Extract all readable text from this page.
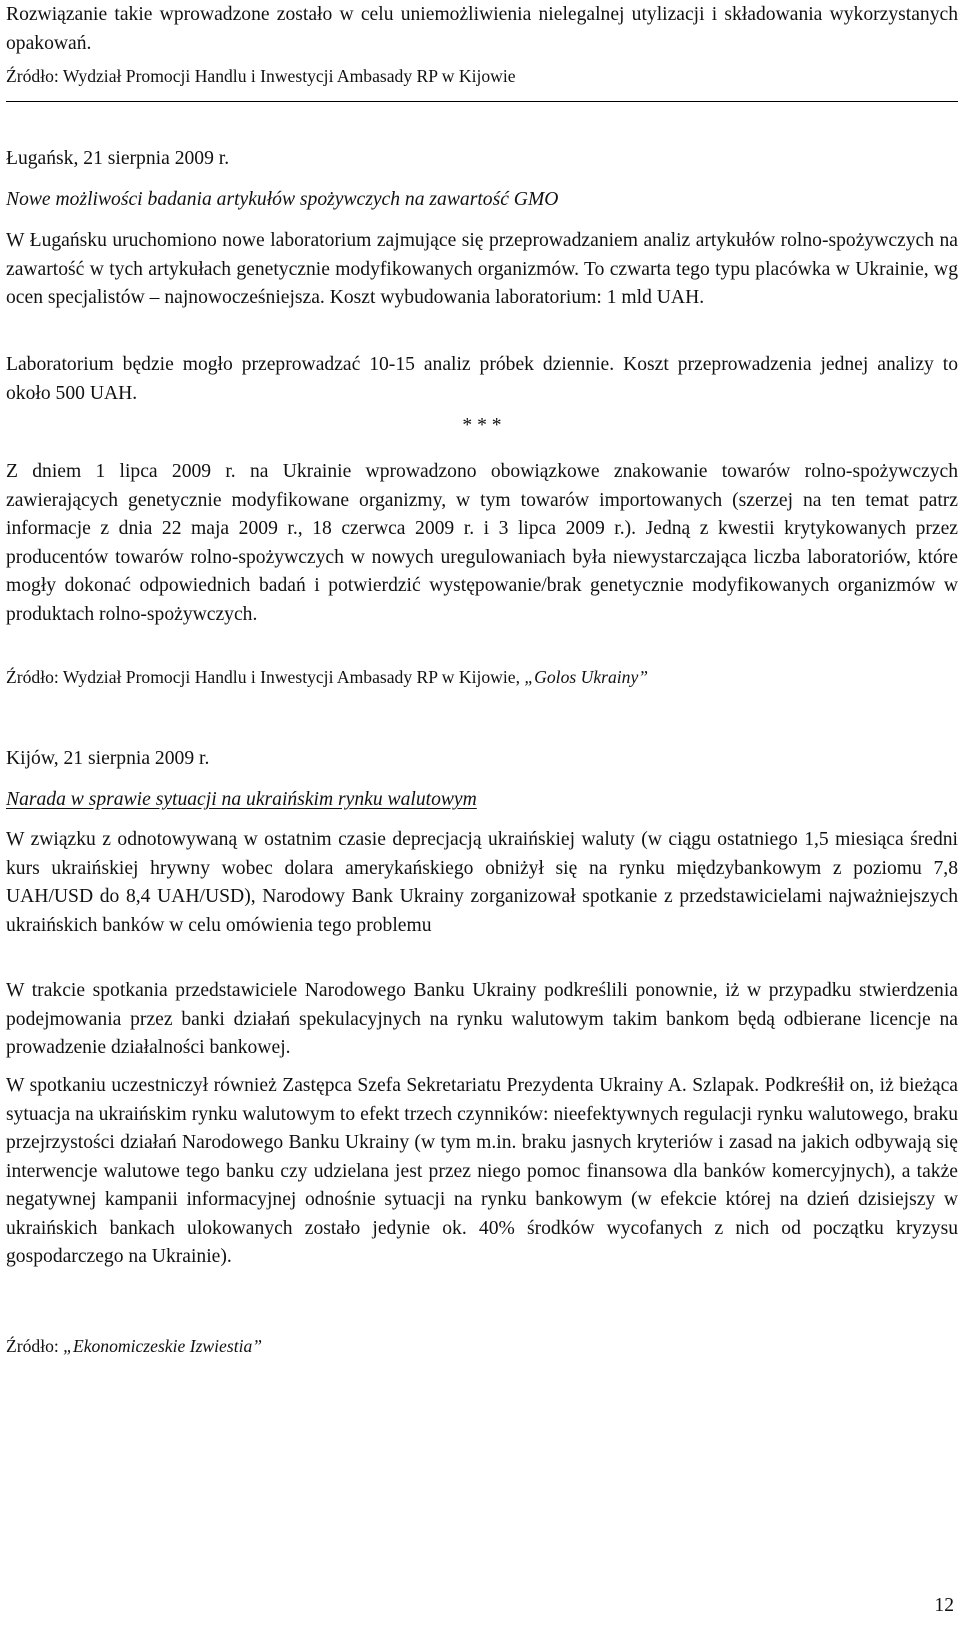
Rozwiązanie takie wprowadzone zostało w celu uniemożliwienia nielegalnej utylizacji i składowania wykorzystanych opakowań.

Źródło: Wydział Promocji Handlu i Inwestycji Ambasady RP w Kijowie

Ługańsk, 21 sierpnia 2009 r.

Nowe możliwości badania artykułów spożywczych na zawartość GMO

W Ługańsku uruchomiono nowe laboratorium zajmujące się przeprowadzaniem analiz artykułów rolno-spożywczych na zawartość w tych artykułach genetycznie modyfikowanych organizmów. To czwarta tego typu placówka w Ukrainie, wg ocen specjalistów – najnowocześniejsza. Koszt wybudowania laboratorium: 1 mld UAH.

Laboratorium będzie mogło przeprowadzać 10-15 analiz próbek dziennie. Koszt przeprowadzenia jednej analizy to około 500 UAH.

* * *

Z dniem 1 lipca 2009 r. na Ukrainie wprowadzono obowiązkowe znakowanie towarów rolno-spożywczych zawierających genetycznie modyfikowane organizmy, w tym towarów importowanych (szerzej na ten temat patrz informacje z dnia 22 maja 2009 r., 18 czerwca 2009 r. i 3 lipca 2009 r.). Jedną z kwestii krytykowanych przez producentów towarów rolno-spożywczych w nowych uregulowaniach była niewystarczająca liczba laboratoriów, które mogły dokonać odpowiednich badań i potwierdzić występowanie/brak genetycznie modyfikowanych organizmów w produktach rolno-spożywczych.

Źródło: Wydział Promocji Handlu i Inwestycji Ambasady RP w Kijowie, „Golos Ukrainy”

Kijów, 21 sierpnia 2009 r.

Narada w sprawie sytuacji na ukraińskim rynku walutowym

W związku z odnotowywaną w ostatnim czasie deprecjacją ukraińskiej waluty (w ciągu ostatniego 1,5 miesiąca średni kurs ukraińskiej hrywny wobec dolara amerykańskiego obniżył się na rynku międzybankowym z poziomu 7,8 UAH/USD do 8,4 UAH/USD), Narodowy Bank Ukrainy zorganizował spotkanie z przedstawicielami najważniejszych ukraińskich banków w celu omówienia tego problemu

W trakcie spotkania przedstawiciele Narodowego Banku Ukrainy podkreślili ponownie, iż w przypadku stwierdzenia podejmowania przez banki działań spekulacyjnych na rynku walutowym takim bankom będą odbierane licencje na prowadzenie działalności bankowej.

W spotkaniu uczestniczył również Zastępca Szefa Sekretariatu Prezydenta Ukrainy A. Szlapak. Podkreśłił on, iż bieżąca sytuacja na ukraińskim rynku walutowym to efekt trzech czynników: nieefektywnych regulacji rynku walutowego, braku przejrzystości działań Narodowego Banku Ukrainy (w tym m.in. braku jasnych kryteriów i zasad na jakich odbywają się interwencje walutowe tego banku czy udzielana jest przez niego pomoc finansowa dla banków komercyjnych), a także negatywnej kampanii informacyjnej odnośnie sytuacji na rynku bankowym (w efekcie której na dzień dzisiejszy w ukraińskich bankach ulokowanych zostało jedynie ok. 40% środków wycofanych z nich od początku kryzysu gospodarczego na Ukrainie).

Źródło: „Ekonomiczeskie Izwiestia”

12
